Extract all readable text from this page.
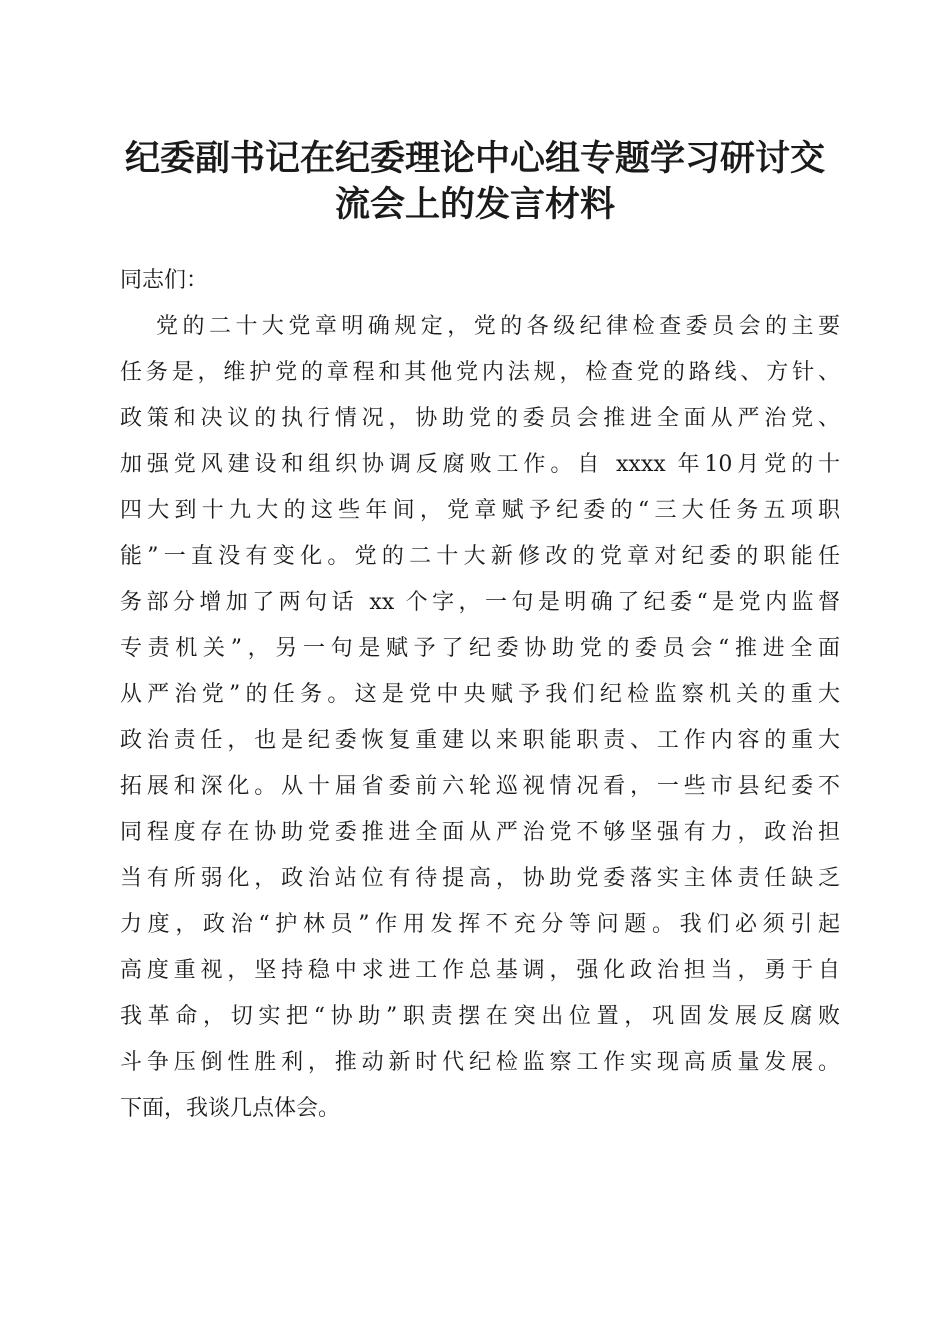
纪委副书记在纪委理论中心组专题学习研讨交
流会上的发言材料

同志们：

党的二十大党章明确规定，党的各级纪律检查委员会的主要
任务是，维护党的章程和其他党内法规，检查党的路线、方针、
政策和决议的执行情况，协助党的委员会推进全面从严治党、
加强党风建设和组织协调反腐败工作。自 xxxx 年10月党的十
四大到十九大的这些年间，党章赋予纪委的“三大任务五项职
能”一直没有变化。党的二十大新修改的党章对纪委的职能任
务部分增加了两句话 xx 个字，一句是明确了纪委“是党内监督
专责机关”，另一句是赋予了纪委协助党的委员会“推进全面
从严治党”的任务。这是党中央赋予我们纪检监察机关的重大
政治责任，也是纪委恢复重建以来职能职责、工作内容的重大
拓展和深化。从十届省委前六轮巡视情况看，一些市县纪委不
同程度存在协助党委推进全面从严治党不够坚强有力，政治担
当有所弱化，政治站位有待提高，协助党委落实主体责任缺乏
力度，政治“护林员”作用发挥不充分等问题。我们必须引起
高度重视，坚持稳中求进工作总基调，强化政治担当，勇于自
我革命，切实把“协助”职责摆在突出位置，巩固发展反腐败
斗争压倒性胜利，推动新时代纪检监察工作实现高质量发展。
下面，我谈几点体会。
